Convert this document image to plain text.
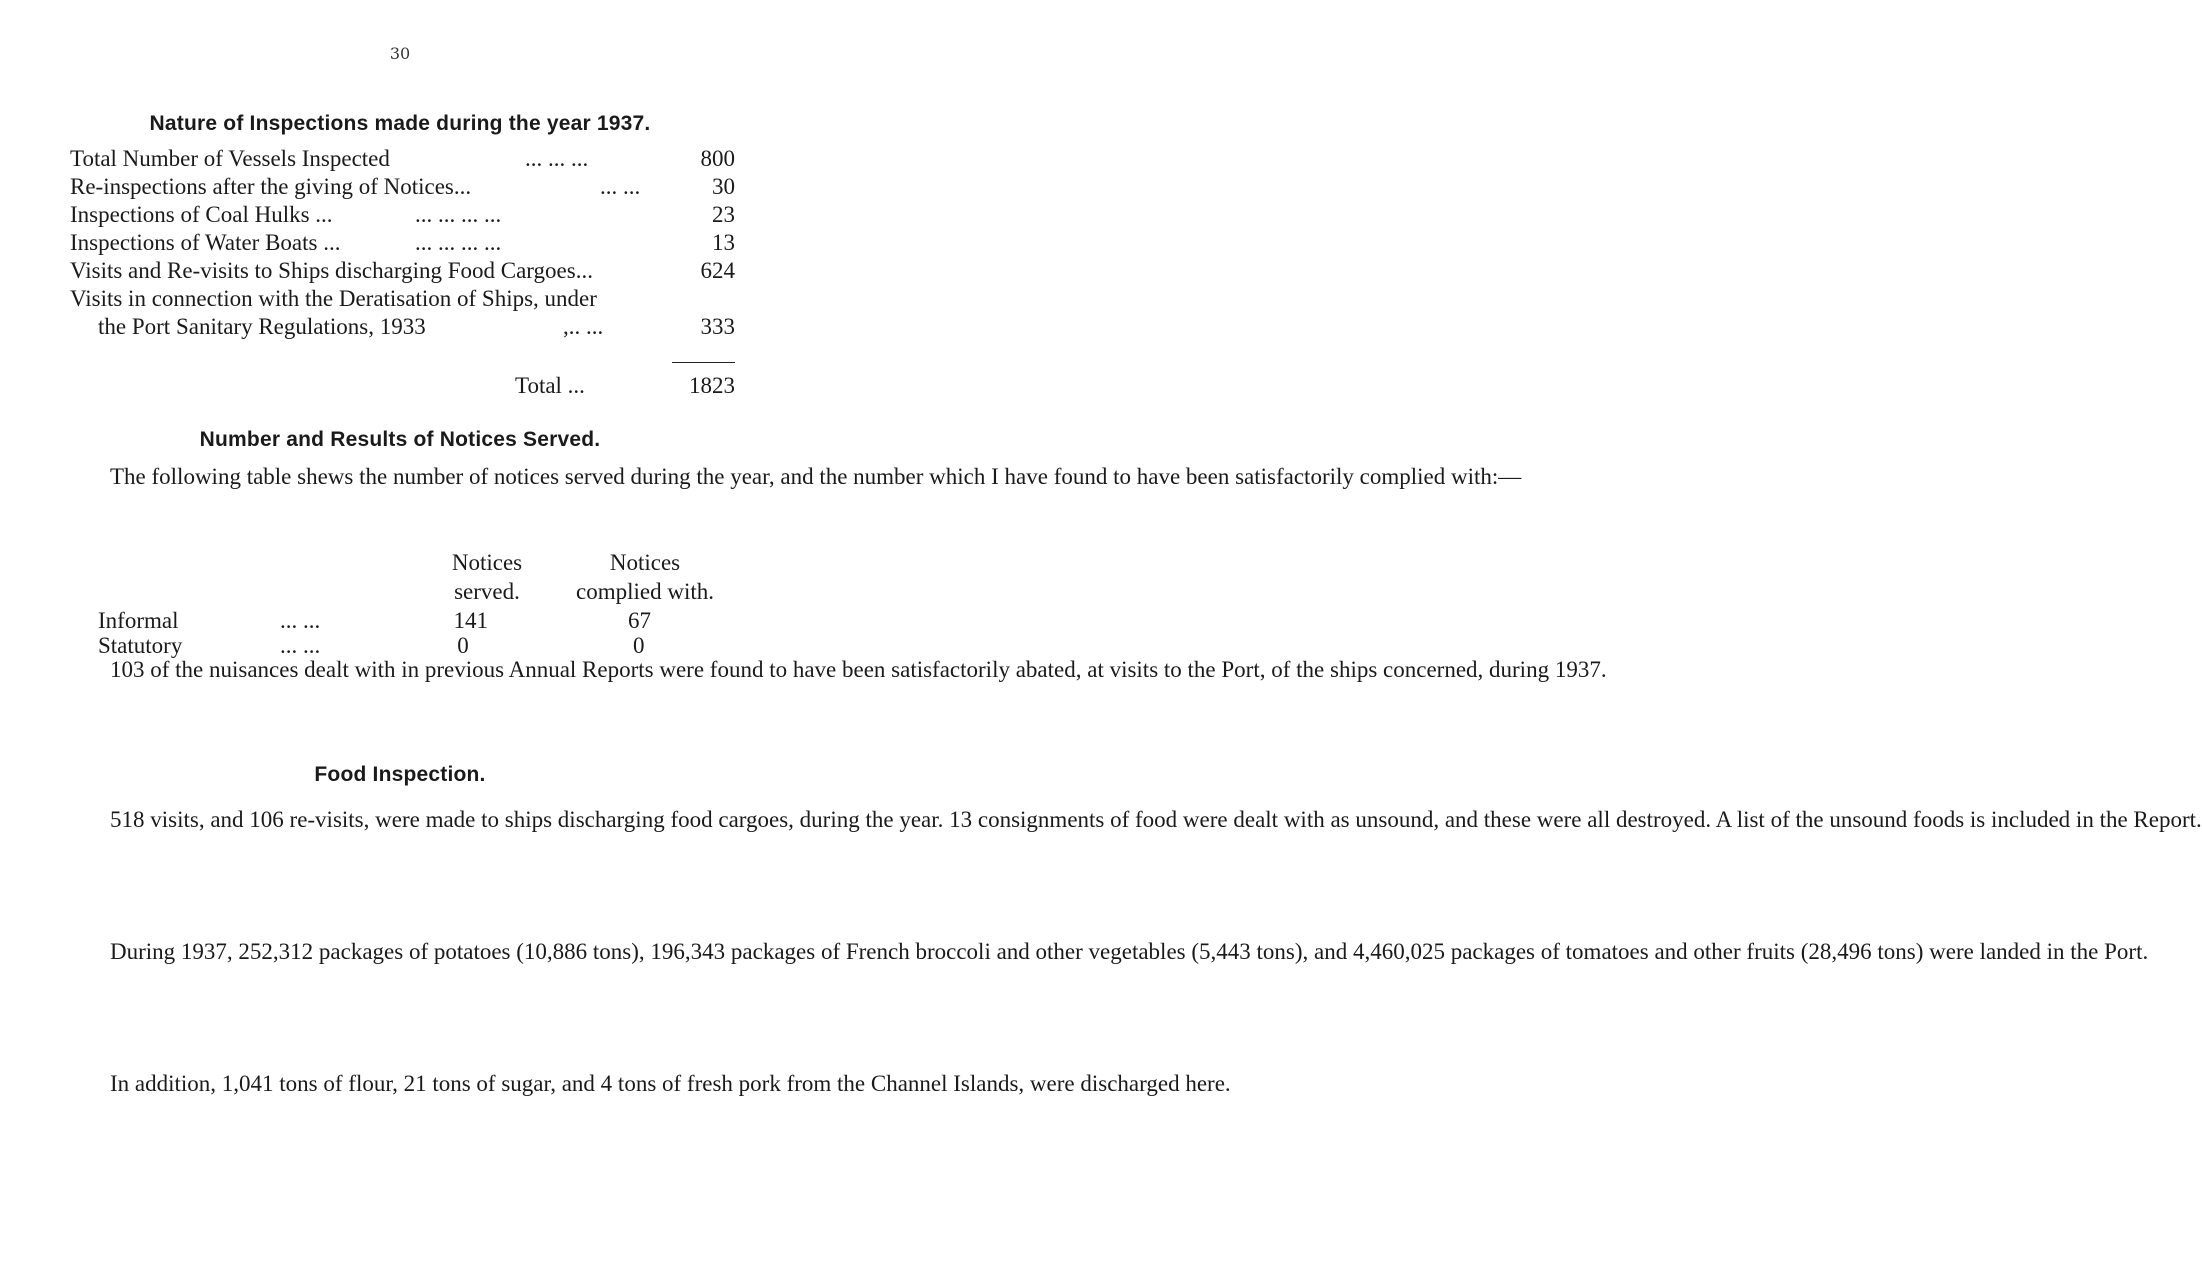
30
Nature of Inspections made during the year 1937.
Total Number of Vessels Inspected	... ... ...	800
Re-inspections after the giving of Notices...	... ...	30
Inspections of Coal Hulks ...	... ... ... ...	23
Inspections of Water Boats ...	... ... ... ...	13
Visits and Re-visits to Ships discharging Food Cargoes...	624
Visits in connection with the Deratisation of Ships, under
the Port Sanitary Regulations, 1933	,.. ...	333
Total ...	1823
Number and Results of Notices Served.
The following table shews the number of notices served during the year, and the number which I have found to have been satisfactorily complied with:—
Notices
served.
Notices
complied with.
Informal	... ...	141	67
Statutory	... ...	0	0
103 of the nuisances dealt with in previous Annual Reports were found to have been satisfactorily abated, at visits to the Port, of the ships concerned, during 1937.
Food Inspection.
518 visits, and 106 re-visits, were made to ships discharging food cargoes, during the year. 13 consignments of food were dealt with as unsound, and these were all destroyed. A list of the unsound foods is included in the Report.
During 1937, 252,312 packages of potatoes (10,886 tons), 196,343 packages of French broccoli and other vegetables (5,443 tons), and 4,460,025 packages of tomatoes and other fruits (28,496 tons) were landed in the Port.
In addition, 1,041 tons of flour, 21 tons of sugar, and 4 tons of fresh pork from the Channel Islands, were discharged here.
